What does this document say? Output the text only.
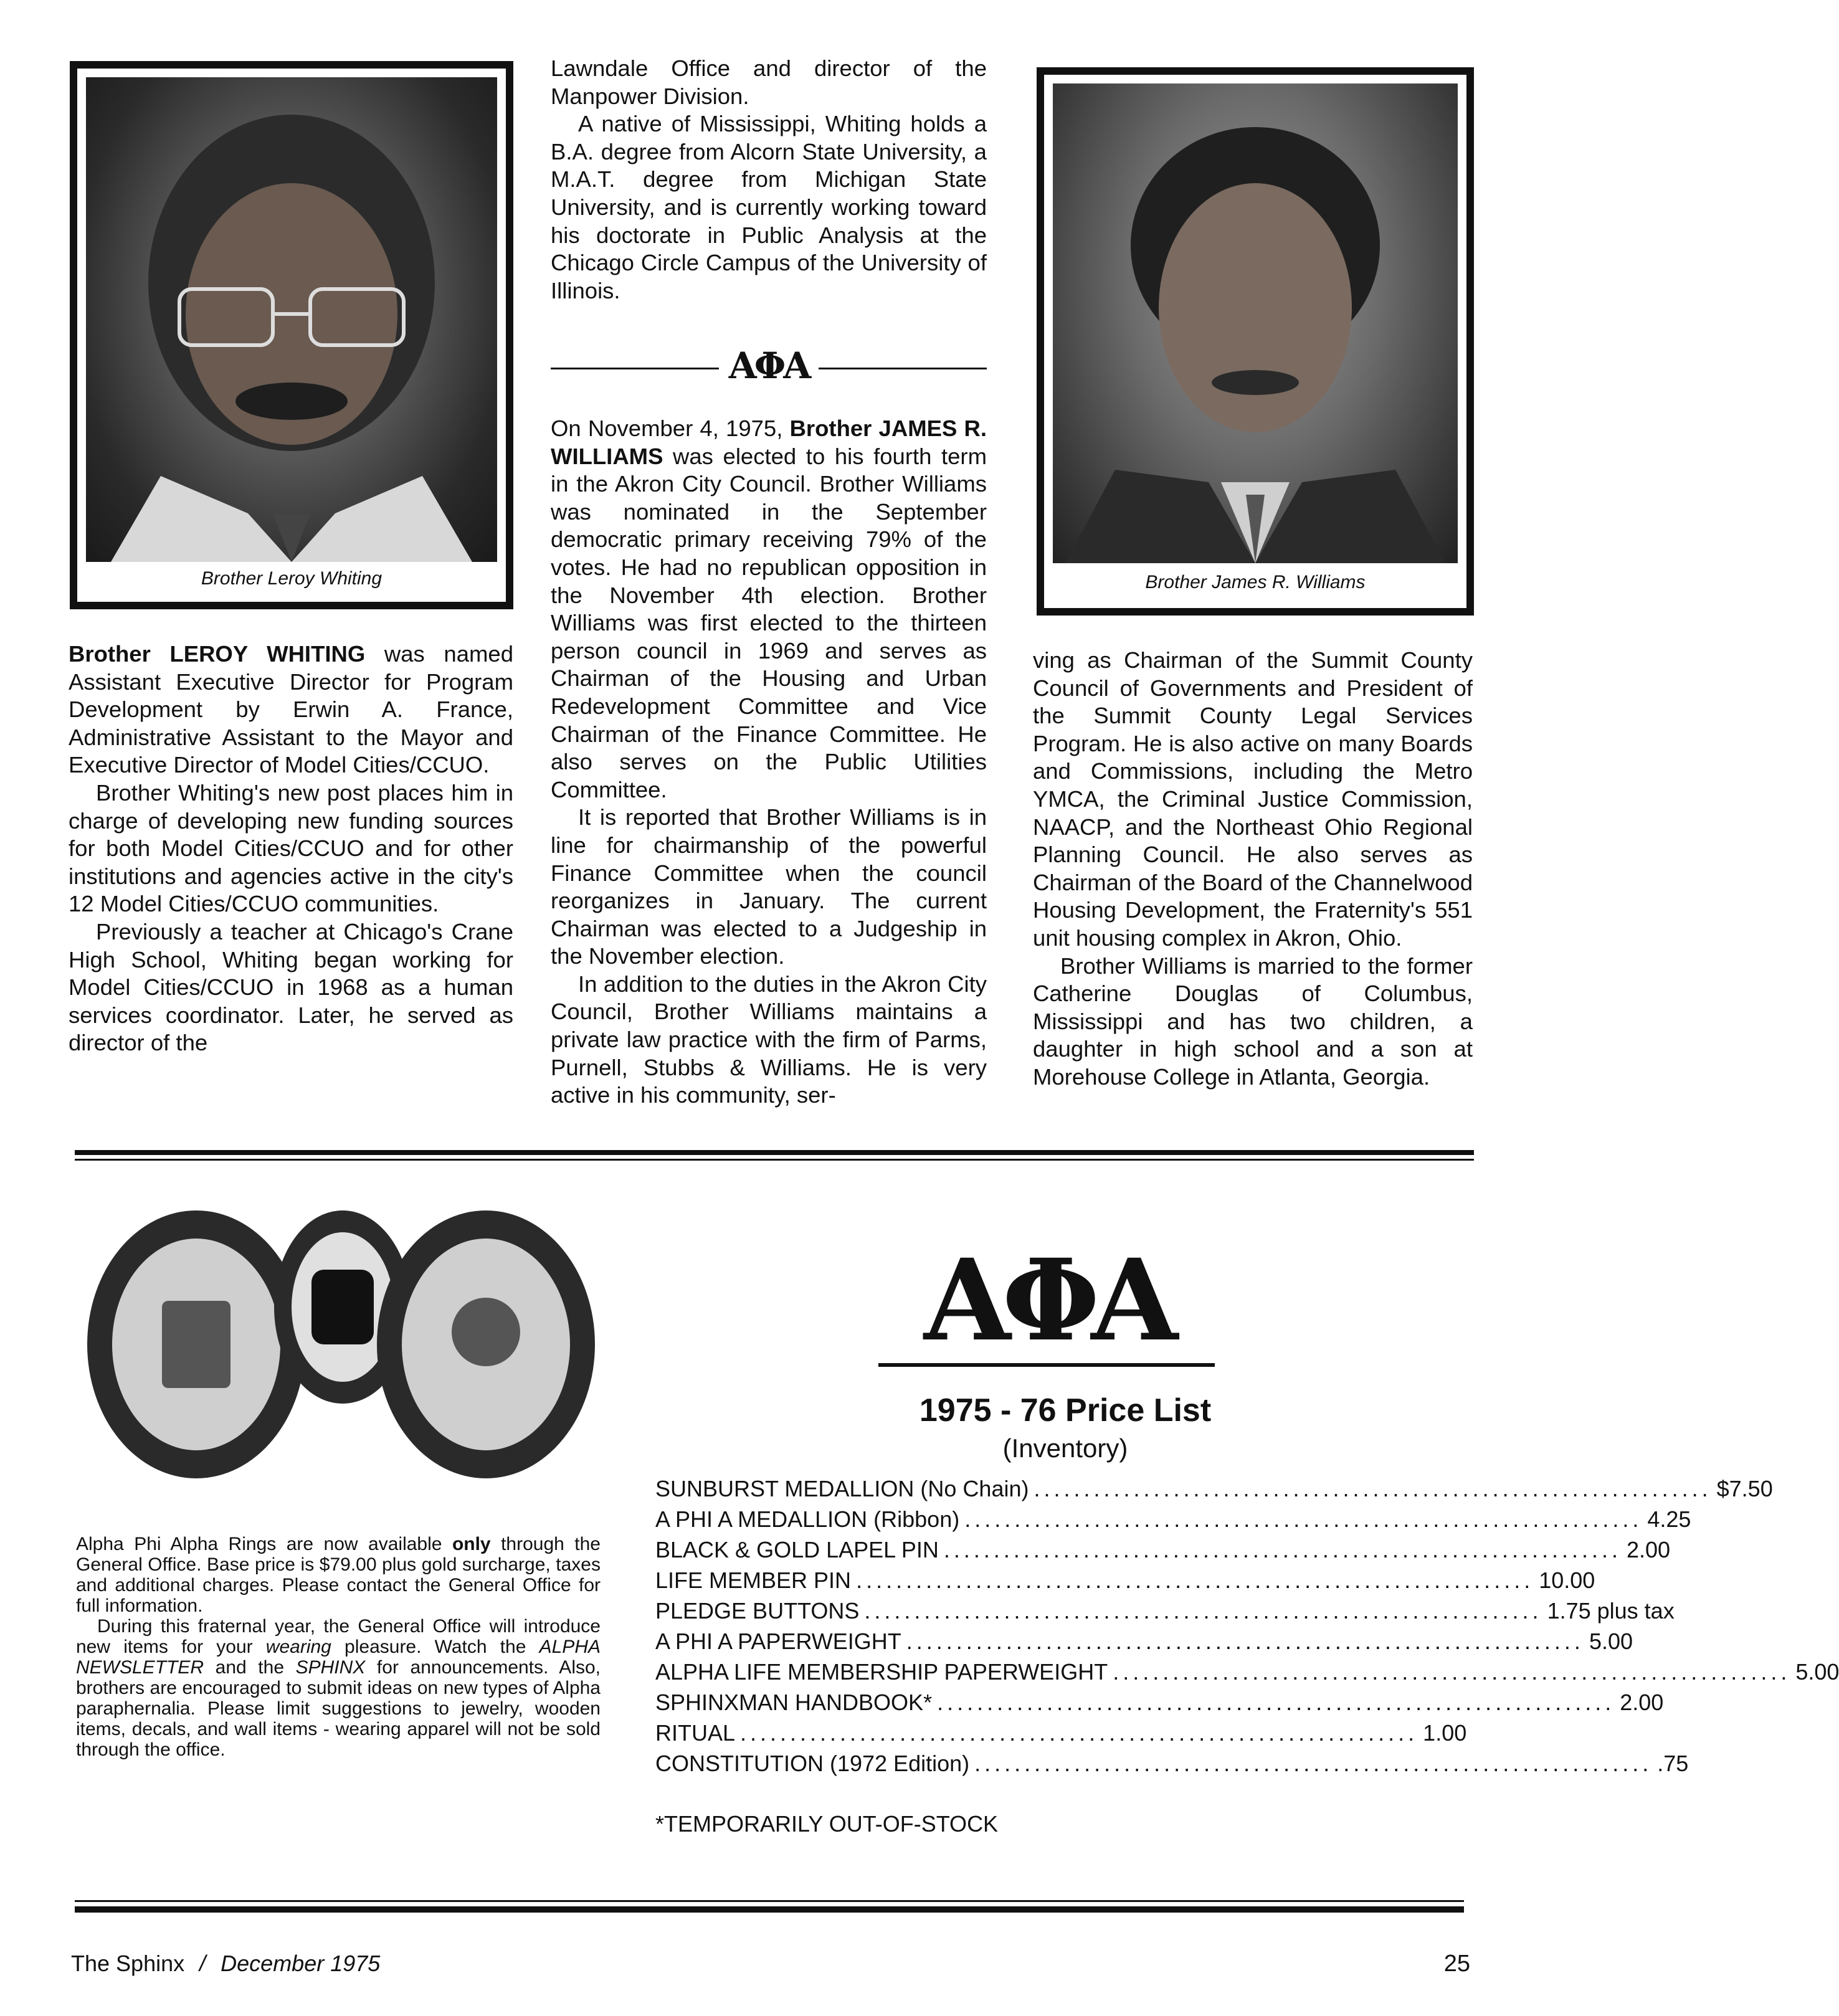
Brother Leroy Whiting

Brother LEROY WHITING was named Assistant Executive Director for Program Development by Erwin A. France, Administrative Assistant to the Mayor and Executive Director of Model Cities/CCUO.

Brother Whiting's new post places him in charge of developing new funding sources for both Model Cities/CCUO and for other institutions and agencies active in the city's 12 Model Cities/CCUO communities.

Previously a teacher at Chicago's Crane High School, Whiting began working for Model Cities/CCUO in 1968 as a human services coordinator. Later, he served as director of the

Lawndale Office and director of the Manpower Division.

A native of Mississippi, Whiting holds a B.A. degree from Alcorn State University, a M.A.T. degree from Michigan State University, and is currently working toward his doctorate in Public Analysis at the Chicago Circle Campus of the University of Illinois.

ΑΦΑ

On November 4, 1975, Brother JAMES R. WILLIAMS was elected to his fourth term in the Akron City Council. Brother Williams was nominated in the September democratic primary receiving 79% of the votes. He had no republican opposition in the November 4th election. Brother Williams was first elected to the thirteen person council in 1969 and serves as Chairman of the Housing and Urban Redevelopment Committee and Vice Chairman of the Finance Committee. He also serves on the Public Utilities Committee.

It is reported that Brother Williams is in line for chairmanship of the powerful Finance Committee when the council reorganizes in January. The current Chairman was elected to a Judgeship in the November election.

In addition to the duties in the Akron City Council, Brother Williams maintains a private law practice with the firm of Parms, Purnell, Stubbs & Williams. He is very active in his community, ser-

Brother James R. Williams

ving as Chairman of the Summit County Council of Governments and President of the Summit County Legal Services Program. He is also active on many Boards and Commissions, including the Metro YMCA, the Criminal Justice Commission, NAACP, and the Northeast Ohio Regional Planning Council. He also serves as Chairman of the Board of the Channelwood Housing Development, the Fraternity's 551 unit housing complex in Akron, Ohio.

Brother Williams is married to the former Catherine Douglas of Columbus, Mississippi and has two children, a daughter in high school and a son at Morehouse College in Atlanta, Georgia.

Alpha Phi Alpha Rings are now available only through the General Office. Base price is $79.00 plus gold surcharge, taxes and additional charges. Please contact the General Office for full information.

During this fraternal year, the General Office will introduce new items for your wearing pleasure. Watch the ALPHA NEWSLETTER and the SPHINX for announcements. Also, brothers are encouraged to submit ideas on new types of Alpha paraphernalia. Please limit suggestions to jewelry, wooden items, decals, and wall items - wearing apparel will not be sold through the office.

ΑΦΑ
1975 - 76 Price List
(Inventory)
SUNBURST MEDALLION (No Chain) .................................................................... $7.50
A PHI A MEDALLION (Ribbon) .................................................................... 4.25
BLACK & GOLD LAPEL PIN .................................................................... 2.00
LIFE MEMBER PIN .................................................................... 10.00
PLEDGE BUTTONS .................................................................... 1.75 plus tax
A PHI A PAPERWEIGHT .................................................................... 5.00
ALPHA LIFE MEMBERSHIP PAPERWEIGHT .................................................................... 5.00
SPHINXMAN HANDBOOK* .................................................................... 2.00
RITUAL .................................................................... 1.00
CONSTITUTION (1972 Edition) .................................................................... .75
*TEMPORARILY OUT-OF-STOCK
The Sphinx / December 1975	25
